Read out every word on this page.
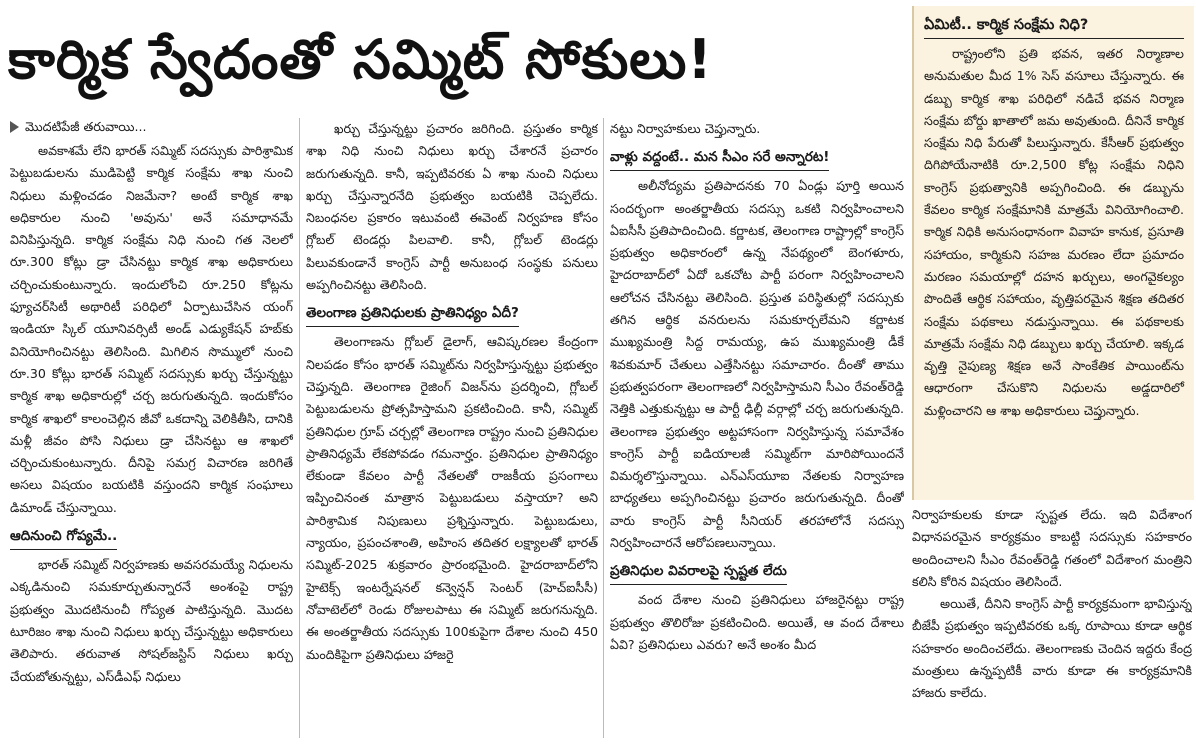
కార్మిక స్వేదంతో సమ్మిట్ సోకులు!
మొదటిపేజీ తరువాయి...

అవకాశమే లేని భారత్ సమ్మిట్ సదస్సుకు పారిశ్రామిక పెట్టుబడులను ముడిపెట్టి కార్మిక సంక్షేమ శాఖ నుంచి నిధులు మళ్లించడం నిజమేనా? అంటే కార్మిక శాఖ అధికారుల నుంచి 'అవును' అనే సమాధానమే వినిపిస్తున్నది. కార్మిక సంక్షేమ నిధి నుంచి గత నెలలో రూ.300 కోట్లు డ్రా చేసినట్టు కార్మిక శాఖ అధికారులు చర్చించుకుంటున్నారు. ఇందులోంచి రూ.250 కోట్లను ఫ్యూచర్‌సిటీ అథారిటీ పరిధిలో ఏర్పాటుచేసిన యంగ్ ఇండియా స్కిల్ యూనివర్సిటీ అండ్ ఎడ్యుకేషన్ హబ్‌కు వినియోగించినట్టు తెలిసింది. మిగిలిన సొమ్ములో నుంచి రూ.30 కోట్లు భారత్ సమ్మిట్ సదస్సుకు ఖర్చు చేస్తున్నట్టు కార్మిక శాఖ అధికారుల్లో చర్చ జరుగుతున్నది. ఇందుకోసం కార్మిక శాఖలో కాలంచెల్లిన జీవో ఒకదాన్ని వెలికితీసి, దానికి మళ్లీ జీవం పోసి నిధులు డ్రా చేసినట్టు ఆ శాఖలో చర్చించుకుంటున్నారు. దీనిపై సమగ్ర విచారణ జరిగితే అసలు విషయం బయటికి వస్తుందని కార్మిక సంఘాలు డిమాండ్ చేస్తున్నాయి.

ఆదినుంచి గోప్యమే..

భారత్ సమ్మిట్ నిర్వహణకు అవసరమయ్యే నిధులను ఎక్కడినుంచి సమకూర్చుతున్నారనే అంశంపై రాష్ట్ర ప్రభుత్వం మొదటినుంచీ గోప్యత పాటిస్తున్నది. మొదట టూరిజం శాఖ నుంచి నిధులు ఖర్చు చేస్తున్నట్టు అధికారులు తెలిపారు. తరువాత సోషల్‌జస్టిస్ నిధులు ఖర్చు చేయబోతున్నట్టు, ఎస్‌డీఎఫ్ నిధులు

ఖర్చు చేస్తున్నట్టు ప్రచారం జరిగింది. ప్రస్తుతం కార్మిక శాఖ నిధి నుంచి నిధులు ఖర్చు చేశారనే ప్రచారం జరుగుతున్నది. కానీ, ఇప్పటివరకు ఏ శాఖ నుంచి నిధులు ఖర్చు చేస్తున్నారనేది ప్రభుత్వం బయటికి చెప్పలేదు. నిబంధనల ప్రకారం ఇటువంటి ఈవెంట్ నిర్వహణ కోసం గ్లోబల్ టెండర్లు పిలవాలి. కానీ, గ్లోబల్ టెండర్లు పిలువకుండానే కాంగ్రెస్ పార్టీ అనుబంధ సంస్థకు పనులు అప్పగించినట్టు తెలిసింది.

తెలంగాణ ప్రతినిధులకు ప్రాతినిధ్యం ఏదీ?

తెలంగాణను గ్లోబల్ డైలాగ్, ఆవిష్కరణల కేంద్రంగా నిలపడం కోసం భారత్ సమ్మిట్‌ను నిర్వహిస్తున్నట్టు ప్రభుత్వం చెప్తున్నది. తెలంగాణ రైజింగ్ విజన్‌ను ప్రదర్శించి, గ్లోబల్ పెట్టుబడులను ప్రోత్సహిస్తామని ప్రకటించింది. కానీ, సమ్మిట్ ప్రతినిధుల గ్రూప్ చర్చల్లో తెలంగాణ రాష్ట్రం నుంచి ప్రతినిధుల ప్రాతినిధ్యమే లేకపోవడం గమనార్హం. ప్రతినిధుల ప్రాతినిధ్యం లేకుండా కేవలం పార్టీ నేతలతో రాజకీయ ప్రసంగాలు ఇప్పించినంత మాత్రాన పెట్టుబడులు వస్తాయా? అని పారిశ్రామిక నిపుణులు ప్రశ్నిస్తున్నారు. పెట్టుబడులు, న్యాయం, ప్రపంచశాంతి, అహింస తదితర లక్ష్యాలతో భారత్ సమ్మిట్-2025 శుక్రవారం ప్రారంభమైంది. హైదరాబాద్‌లోని హైటెక్స్ ఇంటర్నేషనల్ కన్వెన్షన్ సెంటర్ (హెచ్‌ఐసీసీ) నోవాటెల్‌లో రెండు రోజులపాటు ఈ సమ్మిట్ జరుగనున్నది. ఈ అంతర్జాతీయ సదస్సుకు 100కుపైగా దేశాల నుంచి 450 మందికిపైగా ప్రతినిధులు హాజరై

నట్టు నిర్వాహకులు చెప్తున్నారు.

వాళ్లు వద్దంటే.. మన సీఎం సరే అన్నారట!

అలీనోద్యమ ప్రతిపాదనకు 70 ఏండ్లు పూర్తి అయిన సందర్భంగా అంతర్జాతీయ సదస్సు ఒకటి నిర్వహించాలని ఏఐసీసీ ప్రతిపాదించింది. కర్ణాటక, తెలంగాణ రాష్ట్రాల్లో కాంగ్రెస్ ప్రభుత్వం అధికారంలో ఉన్న నేపథ్యంలో బెంగళూరు, హైదరాబాద్‌లో ఏదో ఒకచోట పార్టీ పరంగా నిర్వహించాలని ఆలోచన చేసినట్టు తెలిసింది. ప్రస్తుత పరిస్థితుల్లో సదస్సుకు తగిన ఆర్థిక వనరులను సమకూర్చలేమని కర్ణాటక ముఖ్యమంత్రి సిద్ద రామయ్య, ఉప ముఖ్యమంత్రి డీకే శివకుమార్ చేతులు ఎత్తేసినట్టు సమాచారం. దీంతో తాము ప్రభుత్వపరంగా తెలంగాణలో నిర్వహిస్తామని సీఎం రేవంత్‌రెడ్డి నెత్తికి ఎత్తుకున్నట్టు ఆ పార్టీ ఢిల్లీ వర్గాల్లో చర్చ జరుగుతున్నది. తెలంగాణ ప్రభుత్వం అట్టహాసంగా నిర్వహిస్తున్న సమావేశం కాంగ్రెస్ పార్టీ ఐడియాలజీ సమ్మిట్‌గా మారిపోయిందనే విమర్శలొస్తున్నాయి. ఎన్‌ఎస్‌యూఐ నేతలకు నిర్వాహణ బాధ్యతలు అప్పగించినట్టు ప్రచారం జరుగుతున్నది. దీంతో వారు కాంగ్రెస్ పార్టీ సీనియర్ తరహాలోనే సదస్సు నిర్వహించారనే ఆరోపణలున్నాయి.

ప్రతినిధుల వివరాలపై స్పష్టత లేదు

వంద దేశాల నుంచి ప్రతినిధులు హాజరైనట్టు రాష్ట్ర ప్రభుత్వం తొలిరోజు ప్రకటించింది. అయితే, ఆ వంద దేశాలు ఏవి? ప్రతినిధులు ఎవరు? అనే అంశం మీద

ఏమిటీ.. కార్మిక సంక్షేమ నిధి?

రాష్ట్రంలోని ప్రతి భవన, ఇతర నిర్మాణాల అనుమతుల మీద 1% సెస్ వసూలు చేస్తున్నారు. ఈ డబ్బు కార్మిక శాఖ పరిధిలో నడిచే భవన నిర్మాణ సంక్షేమ బోర్డు ఖాతాలో జమ అవుతుంది. దీనినే కార్మిక సంక్షేమ నిధి పేరుతో పిలుస్తున్నారు. కేసీఆర్ ప్రభుత్వం దిగిపోయేనాటికి రూ.2,500 కోట్ల సంక్షేమ నిధిని కాంగ్రెస్ ప్రభుత్వానికి అప్పగించింది. ఈ డబ్బును కేవలం కార్మిక సంక్షేమానికి మాత్రమే వినియోగించాలి. కార్మిక నిధికి అనుసంధానంగా వివాహ కానుక, ప్రసూతి సహాయం, కార్మికుని సహజ మరణం లేదా ప్రమాదం మరణం సమయాల్లో దహన ఖర్చులు, అంగవైకల్యం పొందితే ఆర్థిక సహాయం, వృత్తిపరమైన శిక్షణ తదితర సంక్షేమ పథకాలు నడుస్తున్నాయి. ఈ పథకాలకు మాత్రమే సంక్షేమ నిధి డబ్బులు ఖర్చు చేయాలి. ఇక్కడ వృత్తి నైపుణ్య శిక్షణ అనే సాంకేతిక పాయింట్‌ను ఆధారంగా చేసుకొని నిధులను అడ్డదారిలో మళ్లించారని ఆ శాఖ అధికారులు చెప్తున్నారు.

నిర్వాహకులకు కూడా స్పష్టత లేదు. ఇది విదేశాంగ విధానపరమైన కార్యక్రమం కాబట్టి సదస్సుకు సహకారం అందించాలని సీఎం రేవంత్‌రెడ్డి గతంలో విదేశాంగ మంత్రిని కలిసి కోరిన విషయం తెలిసిందే.

అయితే, దీనిని కాంగ్రెస్ పార్టీ కార్యక్రమంగా భావిస్తున్న బీజేపీ ప్రభుత్వం ఇప్పటివరకు ఒక్క రూపాయి కూడా ఆర్థిక సహకారం అందించలేదు. తెలంగాణకు చెందిన ఇద్దరు కేంద్ర మంత్రులు ఉన్నప్పటికీ వారు కూడా ఈ కార్యక్రమానికి హాజరు కాలేదు.
